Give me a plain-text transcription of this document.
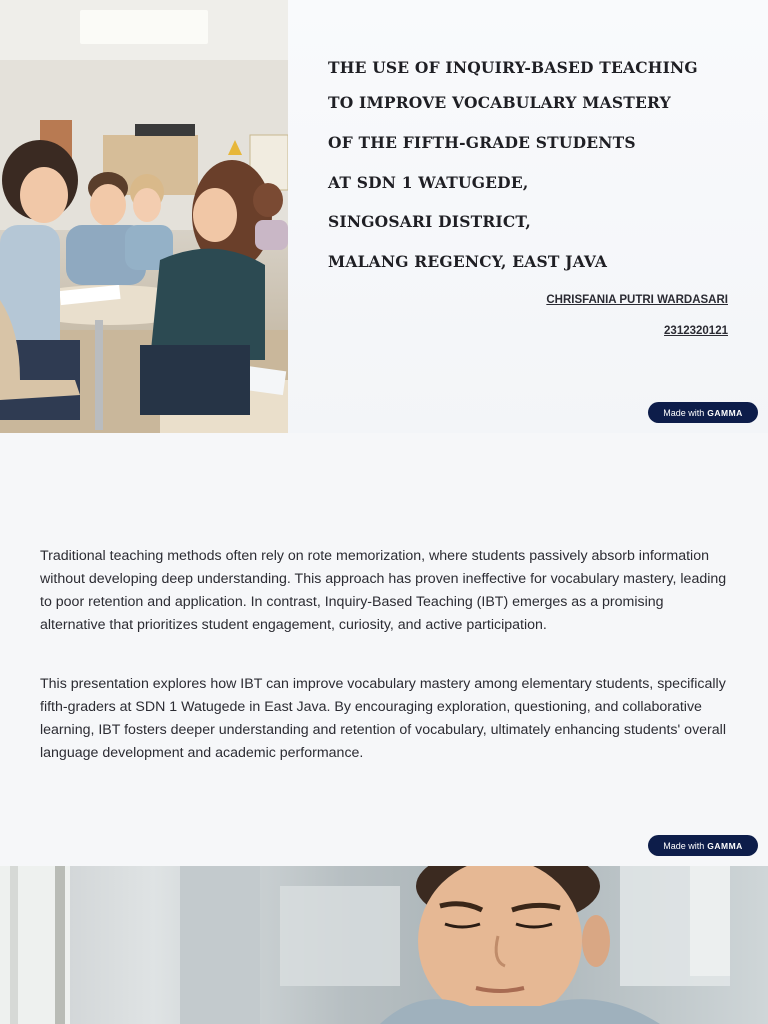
THE USE OF INQUIRY-BASED TEACHING
TO IMPROVE VOCABULARY MASTERY
OF THE FIFTH-GRADE STUDENTS
AT SDN 1 WATUGEDE,
SINGOSARI DISTRICT,
MALANG REGENCY, EAST JAVA
CHRISFANIA PUTRI WARDASARI
2312320121
Made with GAMMA

Traditional teaching methods often rely on rote memorization, where students passively absorb information without developing deep understanding. This approach has proven ineffective for vocabulary mastery, leading to poor retention and application. In contrast, Inquiry-Based Teaching (IBT) emerges as a promising alternative that prioritizes student engagement, curiosity, and active participation.

This presentation explores how IBT can improve vocabulary mastery among elementary students, specifically fifth-graders at SDN 1 Watugede in East Java. By encouraging exploration, questioning, and collaborative learning, IBT fosters deeper understanding and retention of vocabulary, ultimately enhancing students' overall language development and academic performance.

Made with GAMMA
